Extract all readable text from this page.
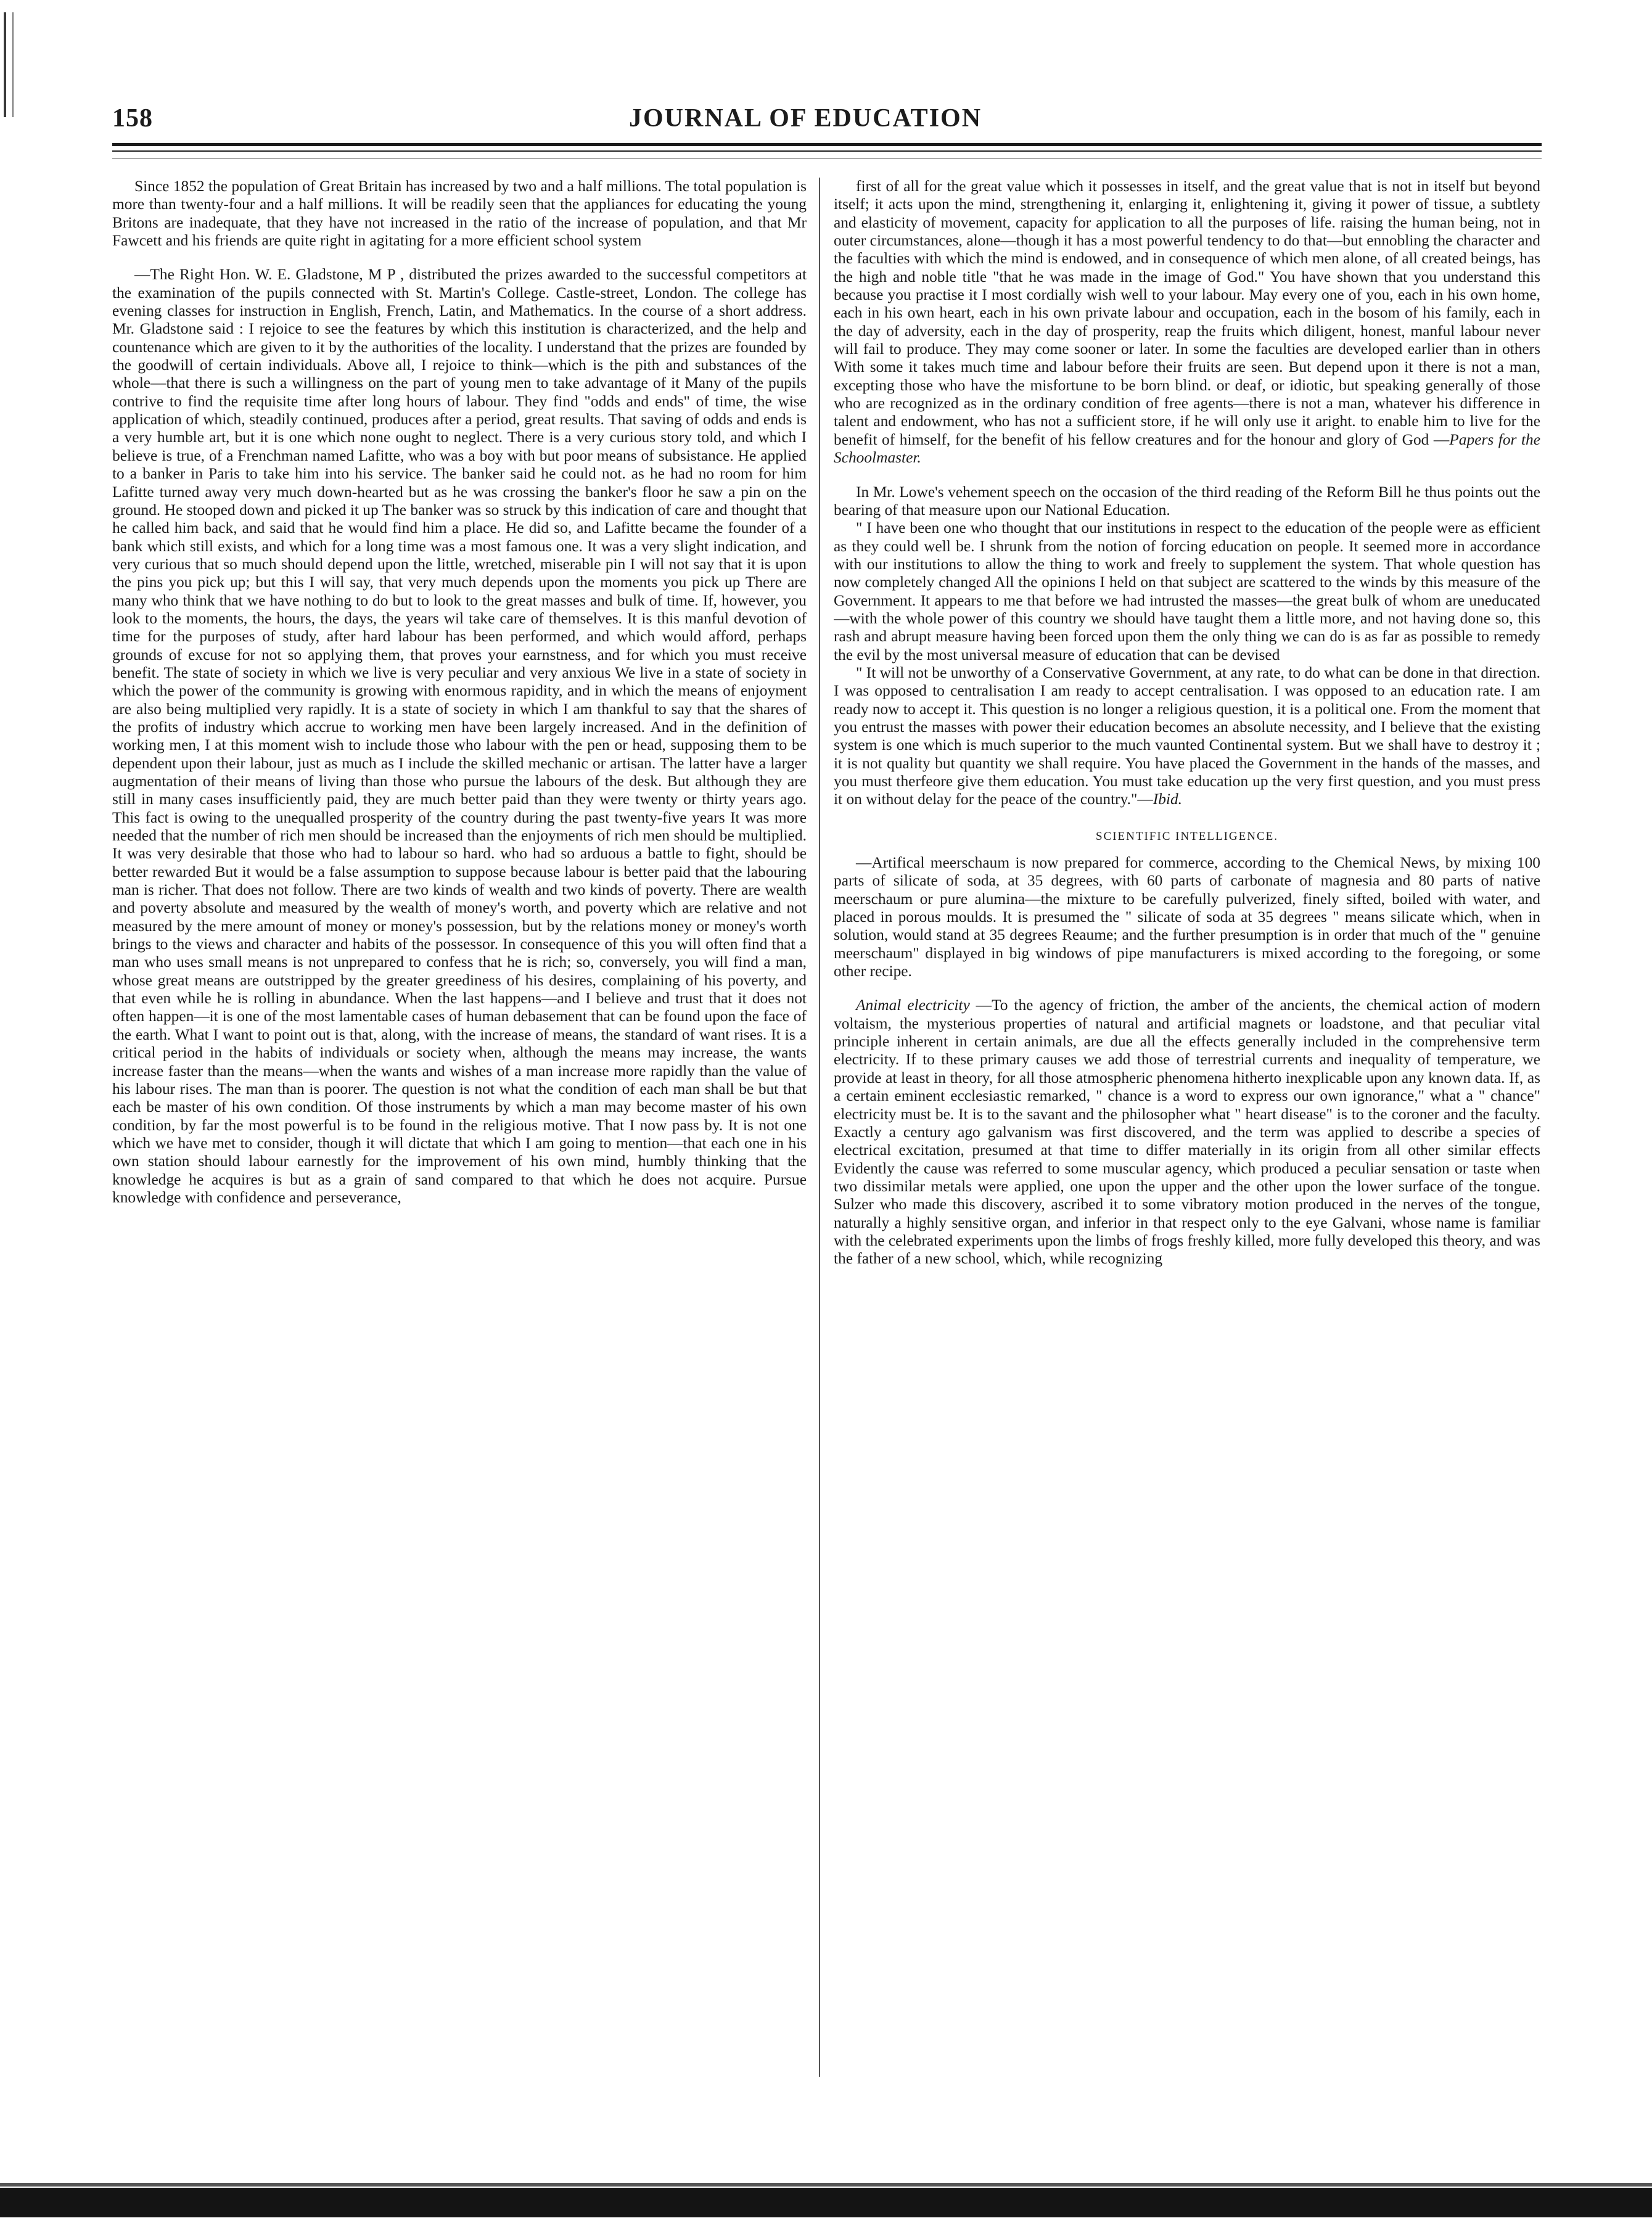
158	JOURNAL OF EDUCATION

Since 1852 the population of Great Britain has increased by two and a half millions. The total population is more than twenty-four and a half millions. It will be readily seen that the appliances for educating the young Britons are inadequate, that they have not increased in the ratio of the increase of population, and that Mr Fawcett and his friends are quite right in agitating for a more efficient school system

—The Right Hon. W. E. Gladstone, M P , distributed the prizes awarded to the successful competitors at the examination of the pupils connected with St. Martin's College. Castle-street, London. The college has evening classes for instruction in English, French, Latin, and Mathematics. In the course of a short address. Mr. Gladstone said : I rejoice to see the features by which this institution is characterized, and the help and countenance which are given to it by the authorities of the locality. I understand that the prizes are founded by the goodwill of certain individuals. Above all, I rejoice to think—which is the pith and substances of the whole—that there is such a willingness on the part of young men to take advantage of it Many of the pupils contrive to find the requisite time after long hours of labour. They find "odds and ends" of time, the wise application of which, steadily continued, produces after a period, great results. That saving of odds and ends is a very humble art, but it is one which none ought to neglect. There is a very curious story told, and which I believe is true, of a Frenchman named Lafitte, who was a boy with but poor means of subsistance. He applied to a banker in Paris to take him into his service. The banker said he could not. as he had no room for him Lafitte turned away very much down-hearted but as he was crossing the banker's floor he saw a pin on the ground. He stooped down and picked it up The banker was so struck by this indication of care and thought that he called him back, and said that he would find him a place. He did so, and Lafitte became the founder of a bank which still exists, and which for a long time was a most famous one. It was a very slight indication, and very curious that so much should depend upon the little, wretched, miserable pin I will not say that it is upon the pins you pick up; but this I will say, that very much depends upon the moments you pick up There are many who think that we have nothing to do but to look to the great masses and bulk of time. If, however, you look to the moments, the hours, the days, the years wil take care of themselves. It is this manful devotion of time for the purposes of study, after hard labour has been performed, and which would afford, perhaps grounds of excuse for not so applying them, that proves your earnstness, and for which you must receive benefit. The state of society in which we live is very peculiar and very anxious We live in a state of society in which the power of the community is growing with enormous rapidity, and in which the means of enjoyment are also being multiplied very rapidly. It is a state of society in which I am thankful to say that the shares of the profits of industry which accrue to working men have been largely increased. And in the definition of working men, I at this moment wish to include those who labour with the pen or head, supposing them to be dependent upon their labour, just as much as I include the skilled mechanic or artisan. The latter have a larger augmentation of their means of living than those who pursue the labours of the desk. But although they are still in many cases insufficiently paid, they are much better paid than they were twenty or thirty years ago. This fact is owing to the unequalled prosperity of the country during the past twenty-five years It was more needed that the number of rich men should be increased than the enjoyments of rich men should be multiplied. It was very desirable that those who had to labour so hard. who had so arduous a battle to fight, should be better rewarded But it would be a false assumption to suppose because labour is better paid that the labouring man is richer. That does not follow. There are two kinds of wealth and two kinds of poverty. There are wealth and poverty absolute and measured by the wealth of money's worth, and poverty which are relative and not measured by the mere amount of money or money's possession, but by the relations money or money's worth brings to the views and character and habits of the possessor. In consequence of this you will often find that a man who uses small means is not unprepared to confess that he is rich; so, conversely, you will find a man, whose great means are outstripped by the greater greediness of his desires, complaining of his poverty, and that even while he is rolling in abundance. When the last happens—and I believe and trust that it does not often happen—it is one of the most lamentable cases of human debasement that can be found upon the face of the earth. What I want to point out is that, along, with the increase of means, the standard of want rises. It is a critical period in the habits of individuals or society when, although the means may increase, the wants increase faster than the means—when the wants and wishes of a man increase more rapidly than the value of his labour rises. The man than is poorer. The question is not what the condition of each man shall be but that each be master of his own condition. Of those instruments by which a man may become master of his own condition, by far the most powerful is to be found in the religious motive. That I now pass by. It is not one which we have met to consider, though it will dictate that which I am going to mention—that each one in his own station should labour earnestly for the improvement of his own mind, humbly thinking that the knowledge he acquires is but as a grain of sand compared to that which he does not acquire. Pursue knowledge with confidence and perseverance,

first of all for the great value which it possesses in itself, and the great value that is not in itself but beyond itself; it acts upon the mind, strengthening it, enlarging it, enlightening it, giving it power of tissue, a subtlety and elasticity of movement, capacity for application to all the purposes of life. raising the human being, not in outer circumstances, alone—though it has a most powerful tendency to do that—but ennobling the character and the faculties with which the mind is endowed, and in consequence of which men alone, of all created beings, has the high and noble title "that he was made in the image of God." You have shown that you understand this because you practise it I most cordially wish well to your labour. May every one of you, each in his own home, each in his own heart, each in his own private labour and occupation, each in the bosom of his family, each in the day of adversity, each in the day of prosperity, reap the fruits which diligent, honest, manful labour never will fail to produce. They may come sooner or later. In some the faculties are developed earlier than in others With some it takes much time and labour before their fruits are seen. But depend upon it there is not a man, excepting those who have the misfortune to be born blind. or deaf, or idiotic, but speaking generally of those who are recognized as in the ordinary condition of free agents—there is not a man, whatever his difference in talent and endowment, who has not a sufficient store, if he will only use it aright. to enable him to live for the benefit of himself, for the benefit of his fellow creatures and for the honour and glory of God —Papers for the Schoolmaster.

In Mr. Lowe's vehement speech on the occasion of the third reading of the Reform Bill he thus points out the bearing of that measure upon our National Education.

" I have been one who thought that our institutions in respect to the education of the people were as efficient as they could well be. I shrunk from the notion of forcing education on people. It seemed more in accordance with our institutions to allow the thing to work and freely to supplement the system. That whole question has now completely changed All the opinions I held on that subject are scattered to the winds by this measure of the Government. It appears to me that before we had intrusted the masses—the great bulk of whom are uneducated—with the whole power of this country we should have taught them a little more, and not having done so, this rash and abrupt measure having been forced upon them the only thing we can do is as far as possible to remedy the evil by the most universal measure of education that can be devised

" It will not be unworthy of a Conservative Government, at any rate, to do what can be done in that direction. I was opposed to centralisation I am ready to accept centralisation. I was opposed to an education rate. I am ready now to accept it. This question is no longer a religious question, it is a political one. From the moment that you entrust the masses with power their education becomes an absolute necessity, and I believe that the existing system is one which is much superior to the much vaunted Continental system. But we shall have to destroy it ; it is not quality but quantity we shall require. You have placed the Government in the hands of the masses, and you must therfeore give them education. You must take education up the very first question, and you must press it on without delay for the peace of the country."—Ibid.

SCIENTIFIC INTELLIGENCE.

—Artifical meerschaum is now prepared for commerce, according to the Chemical News, by mixing 100 parts of silicate of soda, at 35 degrees, with 60 parts of carbonate of magnesia and 80 parts of native meerschaum or pure alumina—the mixture to be carefully pulverized, finely sifted, boiled with water, and placed in porous moulds. It is presumed the " silicate of soda at 35 degrees " means silicate which, when in solution, would stand at 35 degrees Reaume; and the further presumption is in order that much of the " genuine meerschaum" displayed in big windows of pipe manufacturers is mixed according to the foregoing, or some other recipe.

Animal electricity —To the agency of friction, the amber of the ancients, the chemical action of modern voltaism, the mysterious properties of natural and artificial magnets or loadstone, and that peculiar vital principle inherent in certain animals, are due all the effects generally included in the comprehensive term electricity. If to these primary causes we add those of terrestrial currents and inequality of temperature, we provide at least in theory, for all those atmospheric phenomena hitherto inexplicable upon any known data. If, as a certain eminent ecclesiastic remarked, " chance is a word to express our own ignorance," what a " chance" electricity must be. It is to the savant and the philosopher what " heart disease" is to the coroner and the faculty. Exactly a century ago galvanism was first discovered, and the term was applied to describe a species of electrical excitation, presumed at that time to differ materially in its origin from all other similar effects Evidently the cause was referred to some muscular agency, which produced a peculiar sensation or taste when two dissimilar metals were applied, one upon the upper and the other upon the lower surface of the tongue. Sulzer who made this discovery, ascribed it to some vibratory motion produced in the nerves of the tongue, naturally a highly sensitive organ, and inferior in that respect only to the eye Galvani, whose name is familiar with the celebrated experiments upon the limbs of frogs freshly killed, more fully developed this theory, and was the father of a new school, which, while recognizing
